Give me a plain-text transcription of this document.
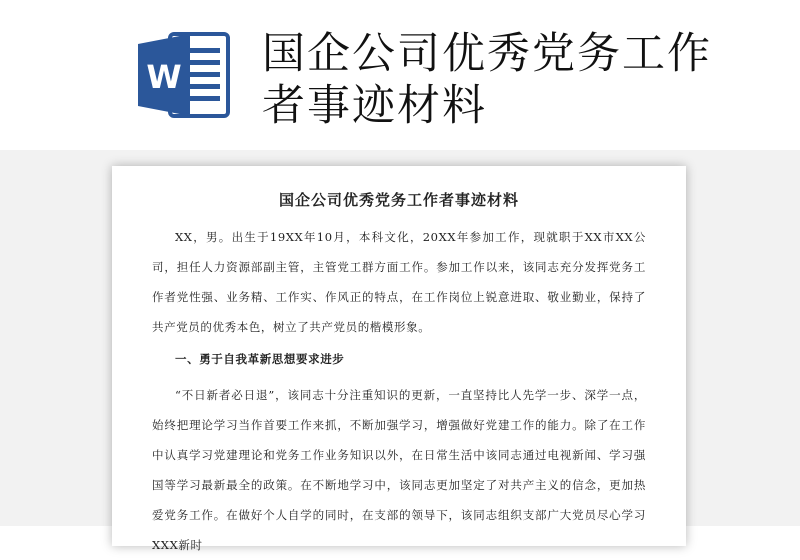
W 国企公司优秀党务工作者事迹材料
国企公司优秀党务工作者事迹材料

XX，男。出生于19XX年10月，本科文化，20XX年参加工作，现就职于XX市XX公司，担任人力资源部副主管，主管党工群方面工作。参加工作以来，该同志充分发挥党务工作者党性强、业务精、工作实、作风正的特点，在工作岗位上锐意进取、敬业勤业，保持了共产党员的优秀本色，树立了共产党员的楷模形象。

一、勇于自我革新思想要求进步

“不日新者必日退”，该同志十分注重知识的更新，一直坚持比人先学一步、深学一点，始终把理论学习当作首要工作来抓，不断加强学习，增强做好党建工作的能力。除了在工作中认真学习党建理论和党务工作业务知识以外，在日常生活中该同志通过电视新闻、学习强国等学习最新最全的政策。在不断地学习中，该同志更加坚定了对共产主义的信念，更加热爱党务工作。在做好个人自学的同时，在支部的领导下，该同志组织支部广大党员尽心学习XXX新时
